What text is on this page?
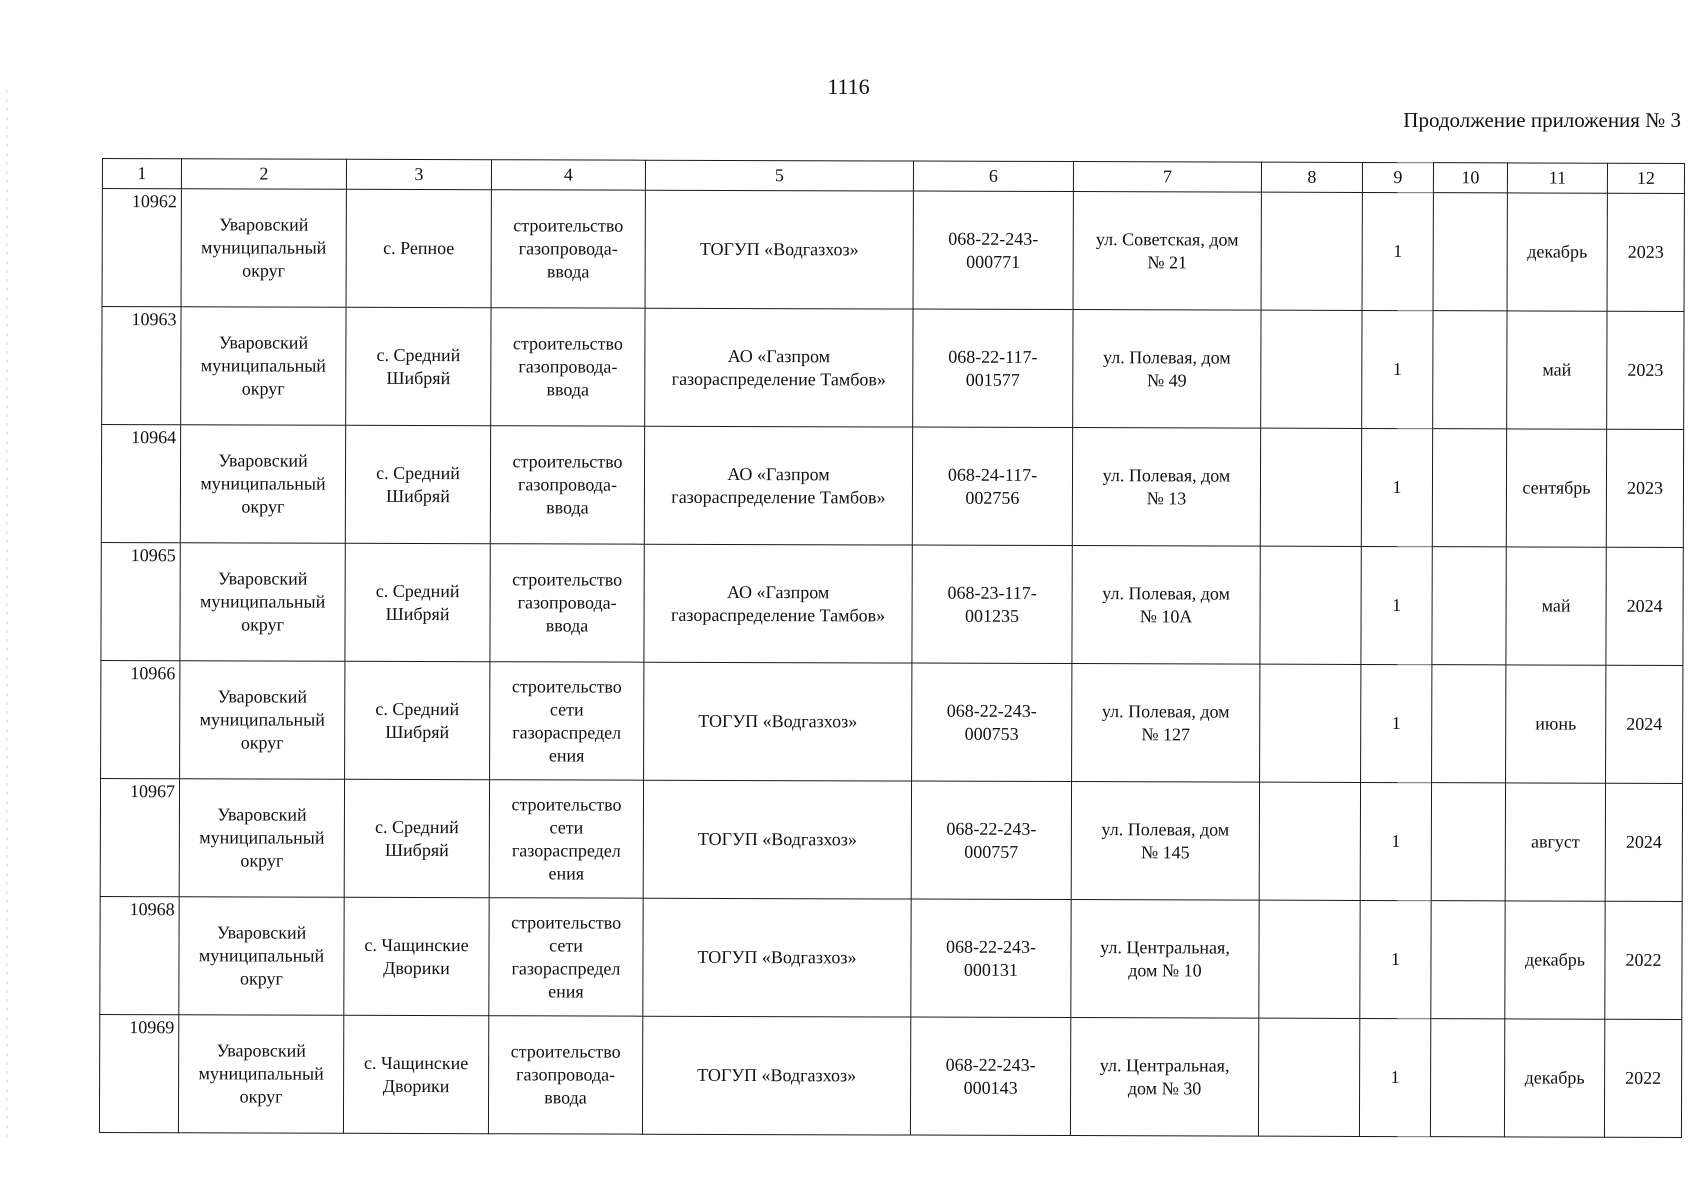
1116
Продолжение приложения № 3
1	2	3	4	5	6	7	8	9	10	11	12
10962	Уваровский
муниципальный
округ	с. Репное	строительство
газопровода-
ввода	ТОГУП «Водгазхоз»	068-22-243-
000771	ул. Советская, дом
№ 21		1		декабрь	2023
10963	Уваровский
муниципальный
округ	с. Средний
Шибряй	строительство
газопровода-
ввода	АО «Газпром
газораспределение Тамбов»	068-22-117-
001577	ул. Полевая, дом
№ 49		1		май	2023
10964	Уваровский
муниципальный
округ	с. Средний
Шибряй	строительство
газопровода-
ввода	АО «Газпром
газораспределение Тамбов»	068-24-117-
002756	ул. Полевая, дом
№ 13		1		сентябрь	2023
10965	Уваровский
муниципальный
округ	с. Средний
Шибряй	строительство
газопровода-
ввода	АО «Газпром
газораспределение Тамбов»	068-23-117-
001235	ул. Полевая, дом
№ 10А		1		май	2024
10966	Уваровский
муниципальный
округ	с. Средний
Шибряй	строительство
сети
газораспредел
ения	ТОГУП «Водгазхоз»	068-22-243-
000753	ул. Полевая, дом
№ 127		1		июнь	2024
10967	Уваровский
муниципальный
округ	с. Средний
Шибряй	строительство
сети
газораспредел
ения	ТОГУП «Водгазхоз»	068-22-243-
000757	ул. Полевая, дом
№ 145		1		август	2024
10968	Уваровский
муниципальный
округ	с. Чащинские
Дворики	строительство
сети
газораспредел
ения	ТОГУП «Водгазхоз»	068-22-243-
000131	ул. Центральная,
дом № 10		1		декабрь	2022
10969	Уваровский
муниципальный
округ	с. Чащинские
Дворики	строительство
газопровода-
ввода	ТОГУП «Водгазхоз»	068-22-243-
000143	ул. Центральная,
дом № 30		1		декабрь	2022
